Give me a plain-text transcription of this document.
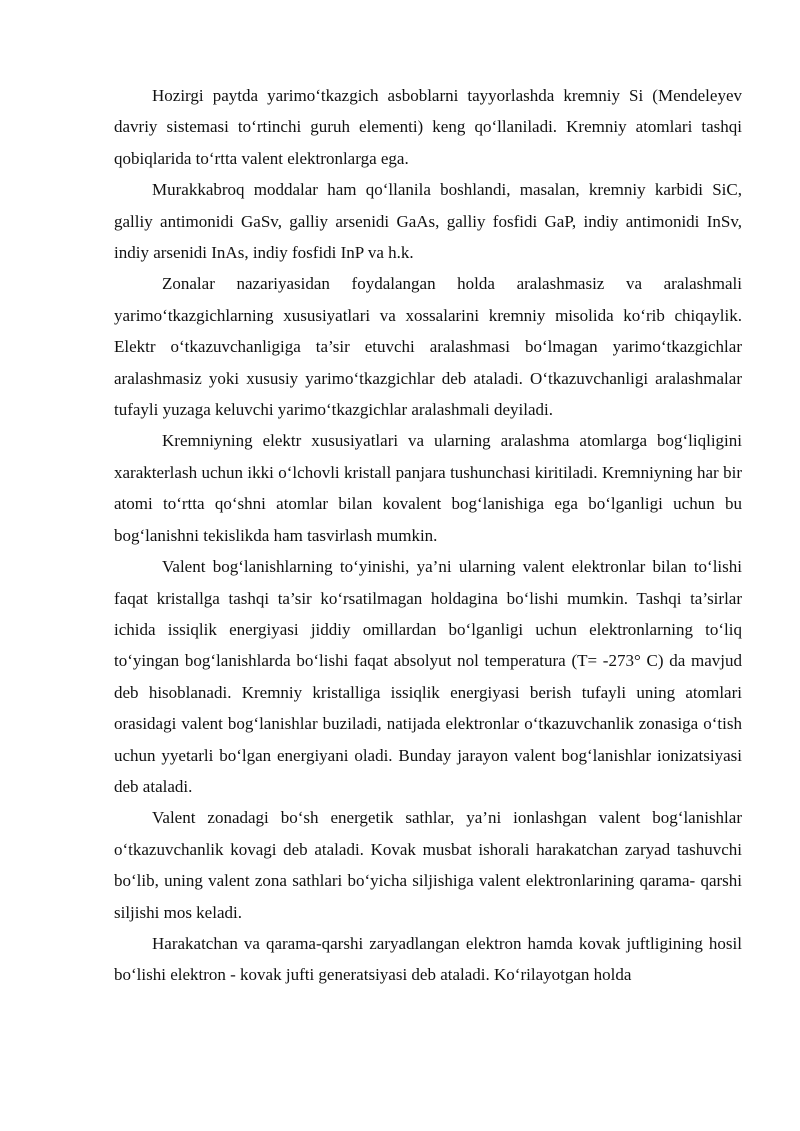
Hozirgi paytda yarimo‘tkazgich asboblarni tayyorlashda kremniy Si (Mendeleyev davriy sistemasi to‘rtinchi guruh elementi) keng qo‘llaniladi. Kremniy atomlari tashqi qobiqlarida to‘rtta valent elektronlarga ega.

Murakkabroq moddalar ham qo‘llanila boshlandi, masalan, kremniy karbidi SiC, galliy antimonidi GaSv, galliy arsenidi GaAs, galliy fosfidi GaP, indiy antimonidi InSv, indiy arsenidi InAs, indiy fosfidi InP va h.k.

Zonalar nazariyasidan foydalangan holda aralashmasiz va aralashmali yarimo‘tkazgichlarning xususiyatlari va xossalarini kremniy misolida ko‘rib chiqaylik. Elektr o‘tkazuvchanligiga ta’sir etuvchi aralashmasi bo‘lmagan yarimo‘tkazgichlar aralashmasiz yoki xususiy yarimo‘tkazgichlar deb ataladi. O‘tkazuvchanligi aralashmalar tufayli yuzaga keluvchi yarimo‘tkazgichlar aralashmali deyiladi.

Kremniyning elektr xususiyatlari va ularning aralashma atomlarga bog‘liqligini xarakterlash uchun ikki o‘lchovli kristall panjara tushunchasi kiritiladi. Kremniyning har bir atomi to‘rtta qo‘shni atomlar bilan kovalent bog‘lanishiga ega bo‘lganligi uchun bu bog‘lanishni tekislikda ham tasvirlash mumkin.

Valent bog‘lanishlarning to‘yinishi, ya’ni ularning valent elektronlar bilan to‘lishi faqat kristallga tashqi ta’sir ko‘rsatilmagan holdagina bo‘lishi mumkin. Tashqi ta’sirlar ichida issiqlik energiyasi jiddiy omillardan bo‘lganligi uchun elektronlarning to‘liq to‘yingan bog‘lanishlarda bo‘lishi faqat absolyut nol temperatura (T= -273° C) da mavjud deb hisoblanadi. Kremniy kristalliga issiqlik energiyasi berish tufayli uning atomlari orasidagi valent bog‘lanishlar buziladi, natijada elektronlar o‘tkazuvchanlik zonasiga o‘tish uchun yyetarli bo‘lgan energiyani oladi. Bunday jarayon valent bog‘lanishlar ionizatsiyasi deb ataladi.

Valent zonadagi bo‘sh energetik sathlar, ya’ni ionlashgan valent bog‘lanishlar o‘tkazuvchanlik kovagi deb ataladi. Kovak musbat ishorali harakatchan zaryad tashuvchi bo‘lib, uning valent zona sathlari bo‘yicha siljishiga valent elektronlarining qarama- qarshi siljishi mos keladi.

Harakatchan va qarama-qarshi zaryadlangan elektron hamda kovak juftligining hosil bo‘lishi elektron - kovak jufti generatsiyasi deb ataladi. Ko‘rilayotgan holda
